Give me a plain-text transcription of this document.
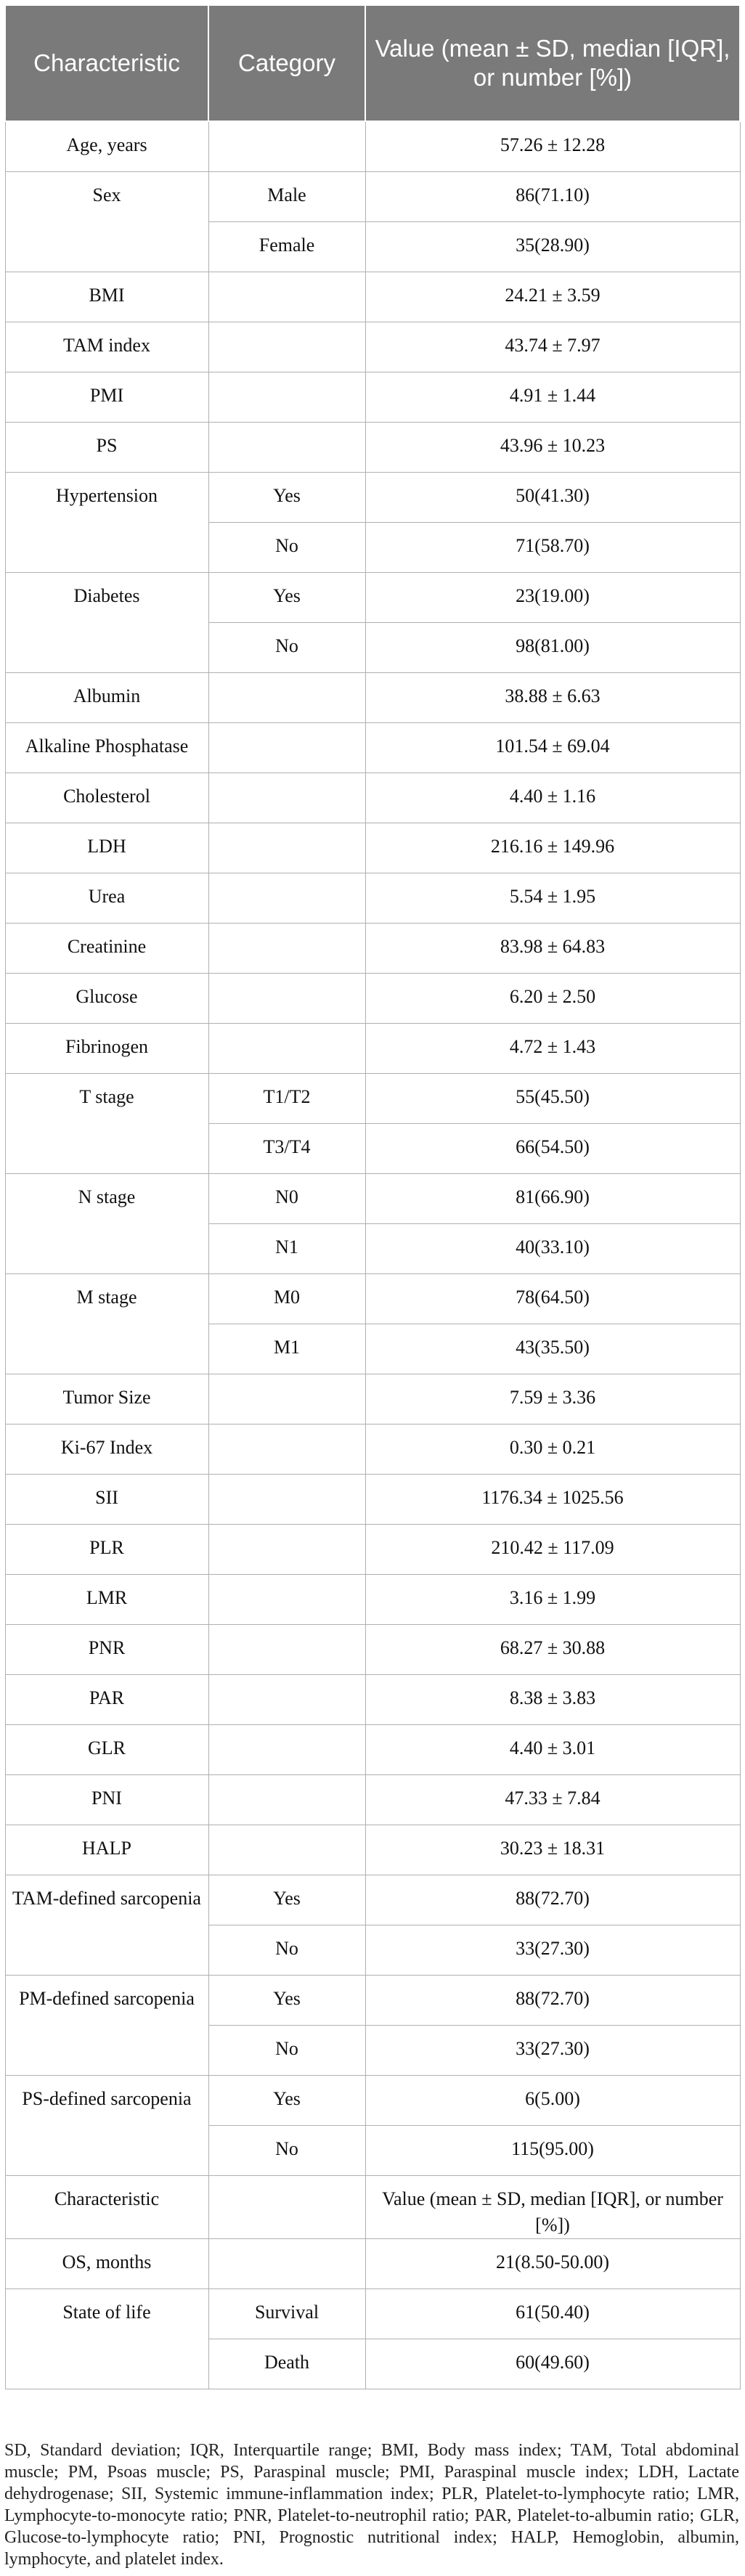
Characteristic	Category	Value (mean ± SD, median [IQR], or number [%])
Age, years		57.26 ± 12.28
Sex	Male	86(71.10)
	Female	35(28.90)
BMI		24.21 ± 3.59
TAM index		43.74 ± 7.97
PMI		4.91 ± 1.44
PS		43.96 ± 10.23
Hypertension	Yes	50(41.30)
	No	71(58.70)
Diabetes	Yes	23(19.00)
	No	98(81.00)
Albumin		38.88 ± 6.63
Alkaline Phosphatase		101.54 ± 69.04
Cholesterol		4.40 ± 1.16
LDH		216.16 ± 149.96
Urea		5.54 ± 1.95
Creatinine		83.98 ± 64.83
Glucose		6.20 ± 2.50
Fibrinogen		4.72 ± 1.43
T stage	T1/T2	55(45.50)
	T3/T4	66(54.50)
N stage	N0	81(66.90)
	N1	40(33.10)
M stage	M0	78(64.50)
	M1	43(35.50)
Tumor Size		7.59 ± 3.36
Ki-67 Index		0.30 ± 0.21
SII		1176.34 ± 1025.56
PLR		210.42 ± 117.09
LMR		3.16 ± 1.99
PNR		68.27 ± 30.88
PAR		8.38 ± 3.83
GLR		4.40 ± 3.01
PNI		47.33 ± 7.84
HALP		30.23 ± 18.31
TAM-defined sarcopenia	Yes	88(72.70)
	No	33(27.30)
PM-defined sarcopenia	Yes	88(72.70)
	No	33(27.30)
PS-defined sarcopenia	Yes	6(5.00)
	No	115(95.00)
Characteristic		Value (mean ± SD, median [IQR], or number [%])
OS, months		21(8.50-50.00)
State of life	Survival	61(50.40)
	Death	60(49.60)

SD, Standard deviation; IQR, Interquartile range; BMI, Body mass index; TAM, Total abdominal muscle; PM, Psoas muscle; PS, Paraspinal muscle; PMI, Paraspinal muscle index; LDH, Lactate dehydrogenase; SII, Systemic immune-inflammation index; PLR, Platelet-to-lymphocyte ratio; LMR, Lymphocyte-to-monocyte ratio; PNR, Platelet-to-neutrophil ratio; PAR, Platelet-to-albumin ratio; GLR, Glucose-to-lymphocyte ratio; PNI, Prognostic nutritional index; HALP, Hemoglobin, albumin, lymphocyte, and platelet index.
